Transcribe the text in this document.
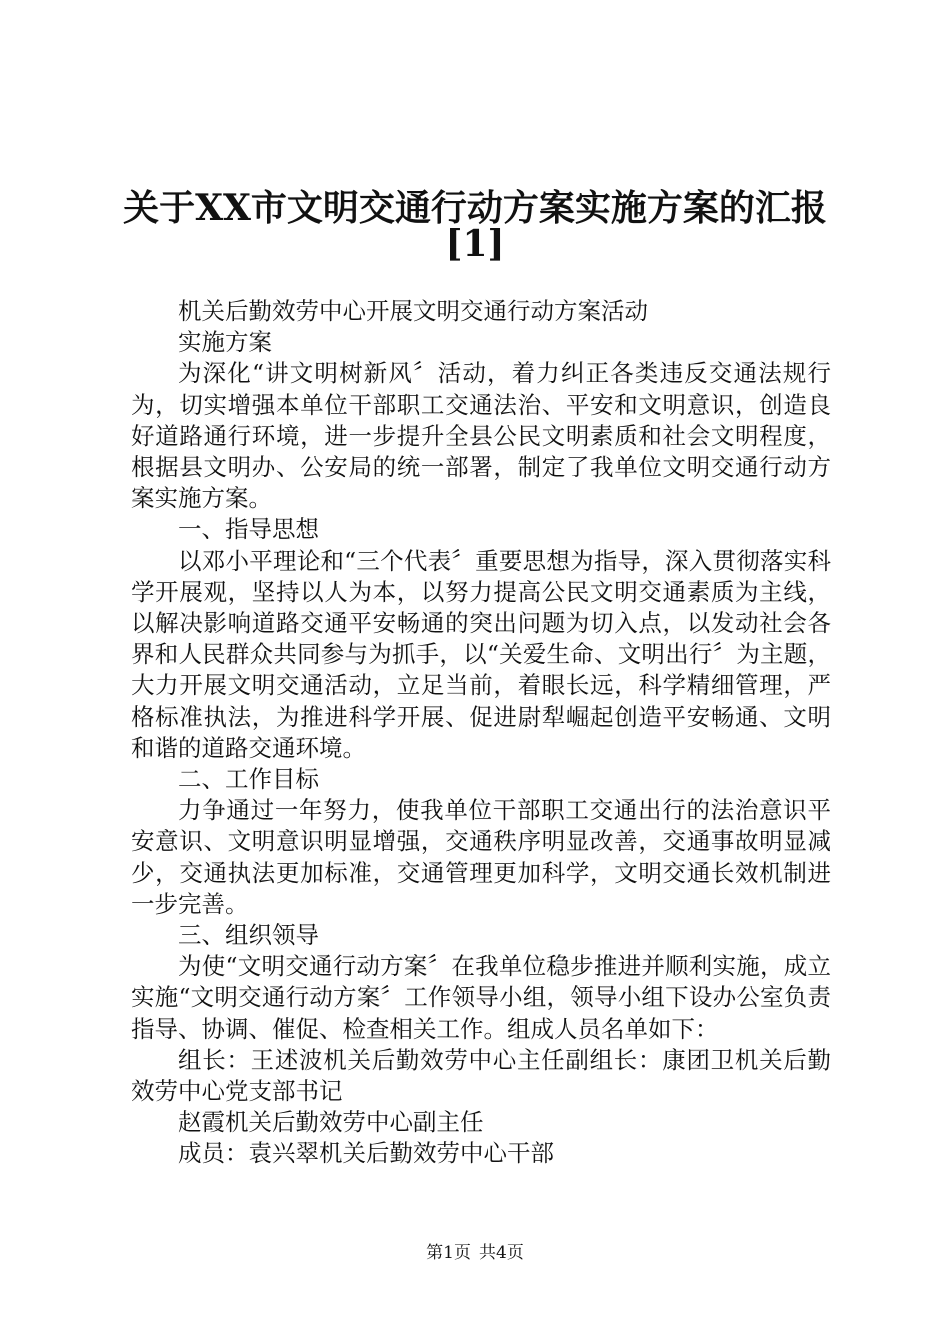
关于XX市文明交通行动方案实施方案的汇报
[1]

机关后勤效劳中心开展文明交通行动方案活动

实施方案

为深化“讲文明树新风〞活动，着力纠正各类违反交通法规行为，切实增强本单位干部职工交通法治、平安和文明意识，创造良好道路通行环境，进一步提升全县公民文明素质和社会文明程度，根据县文明办、公安局的统一部署，制定了我单位文明交通行动方案实施方案。

一、指导思想

以邓小平理论和“三个代表〞重要思想为指导，深入贯彻落实科学开展观，坚持以人为本，以努力提高公民文明交通素质为主线，以解决影响道路交通平安畅通的突出问题为切入点，以发动社会各界和人民群众共同参与为抓手，以“关爱生命、文明出行〞为主题，大力开展文明交通活动，立足当前，着眼长远，科学精细管理，严格标准执法，为推进科学开展、促进尉犁崛起创造平安畅通、文明和谐的道路交通环境。

二、工作目标

力争通过一年努力，使我单位干部职工交通出行的法治意识平安意识、文明意识明显增强，交通秩序明显改善，交通事故明显减少，交通执法更加标准，交通管理更加科学，文明交通长效机制进一步完善。

三、组织领导

为使“文明交通行动方案〞在我单位稳步推进并顺利实施，成立实施“文明交通行动方案〞工作领导小组，领导小组下设办公室负责指导、协调、催促、检查相关工作。组成人员名单如下：

组长：王述波机关后勤效劳中心主任副组长：康团卫机关后勤效劳中心党支部书记

赵霞机关后勤效劳中心副主任

成员：袁兴翠机关后勤效劳中心干部

第1页 共4页
